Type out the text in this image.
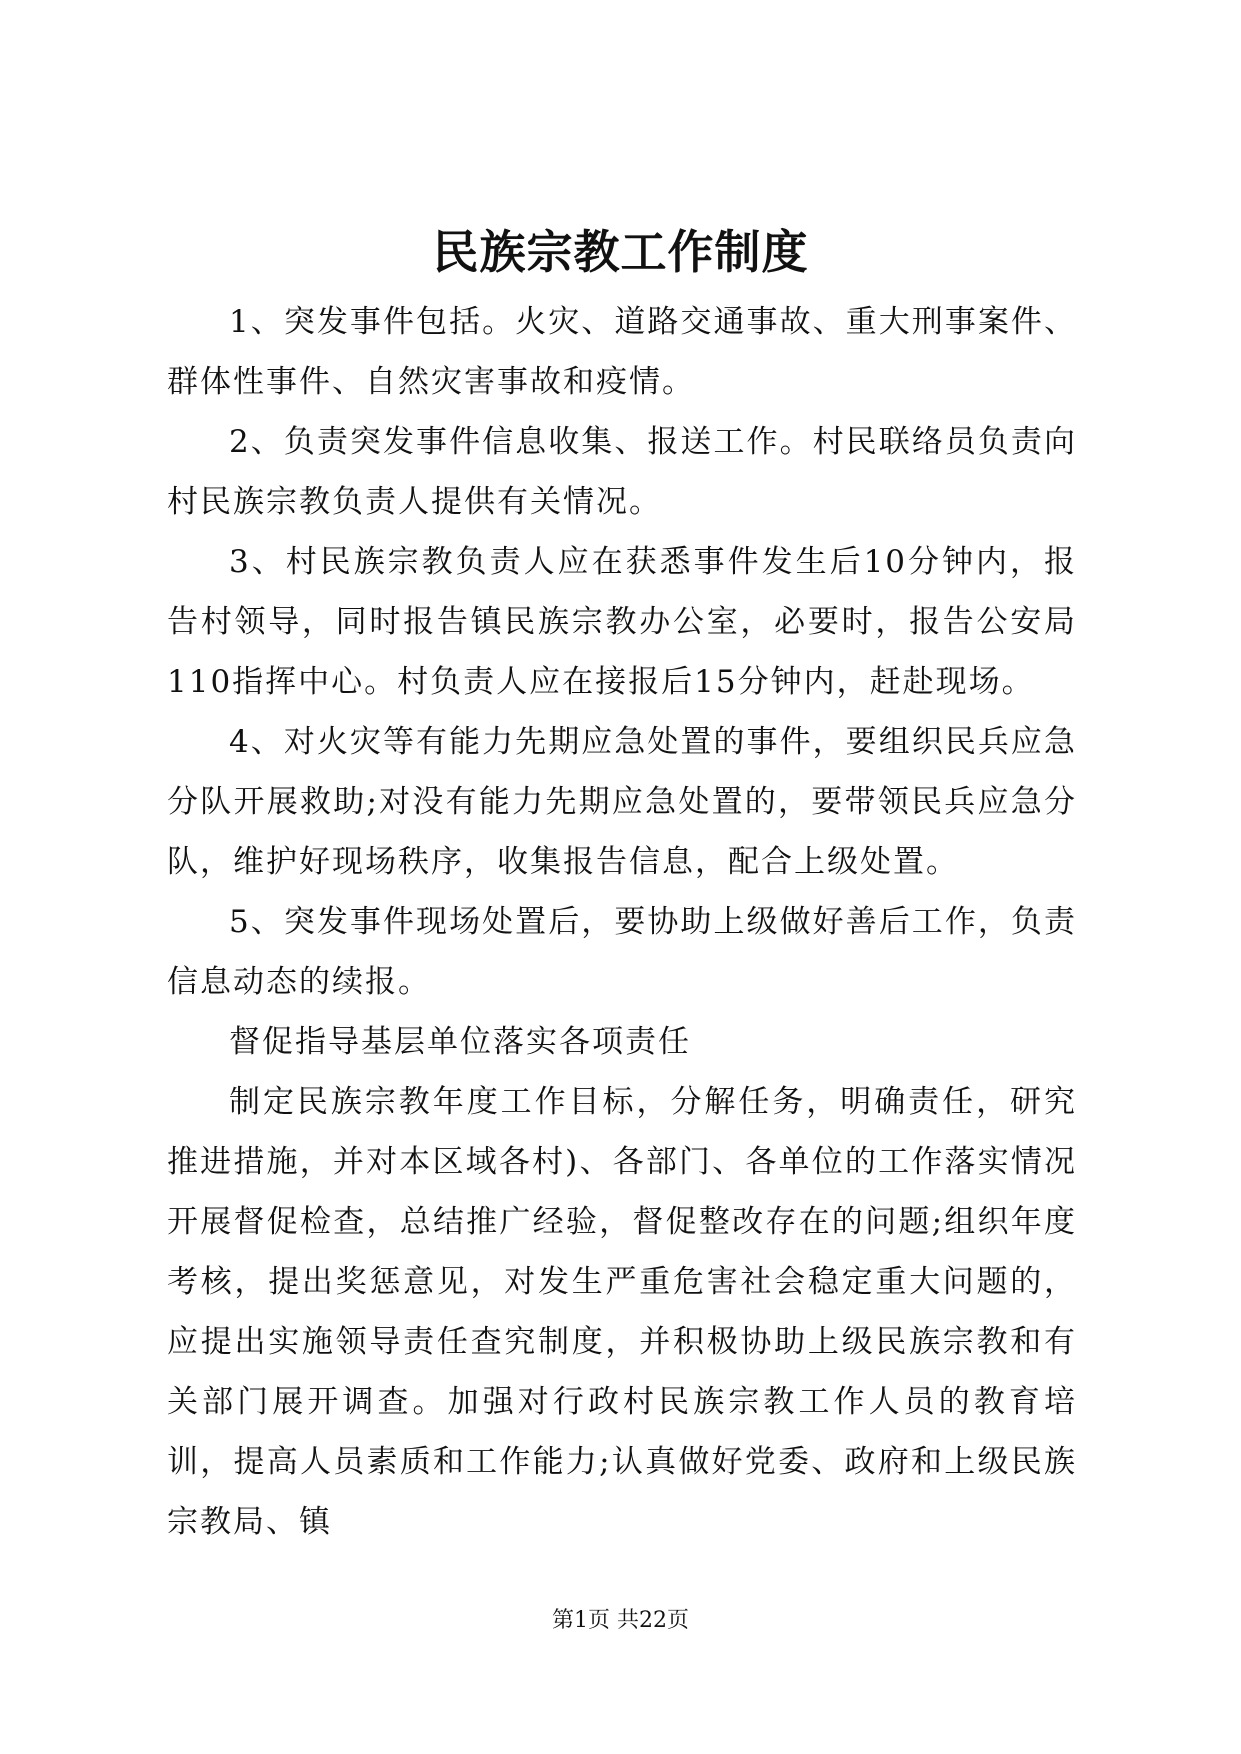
民族宗教工作制度

1、突发事件包括。火灾、道路交通事故、重大刑事案件、群体性事件、自然灾害事故和疫情。

2、负责突发事件信息收集、报送工作。村民联络员负责向村民族宗教负责人提供有关情况。

3、村民族宗教负责人应在获悉事件发生后10分钟内，报告村领导，同时报告镇民族宗教办公室，必要时，报告公安局110指挥中心。村负责人应在接报后15分钟内，赶赴现场。

4、对火灾等有能力先期应急处置的事件，要组织民兵应急分队开展救助;对没有能力先期应急处置的，要带领民兵应急分队，维护好现场秩序，收集报告信息，配合上级处置。

5、突发事件现场处置后，要协助上级做好善后工作，负责信息动态的续报。

督促指导基层单位落实各项责任

制定民族宗教年度工作目标，分解任务，明确责任，研究推进措施，并对本区域各村)、各部门、各单位的工作落实情况开展督促检查，总结推广经验，督促整改存在的问题;组织年度考核，提出奖惩意见，对发生严重危害社会稳定重大问题的，应提出实施领导责任查究制度，并积极协助上级民族宗教和有关部门展开调查。加强对行政村民族宗教工作人员的教育培训，提高人员素质和工作能力;认真做好党委、政府和上级民族宗教局、镇

第1页 共22页
